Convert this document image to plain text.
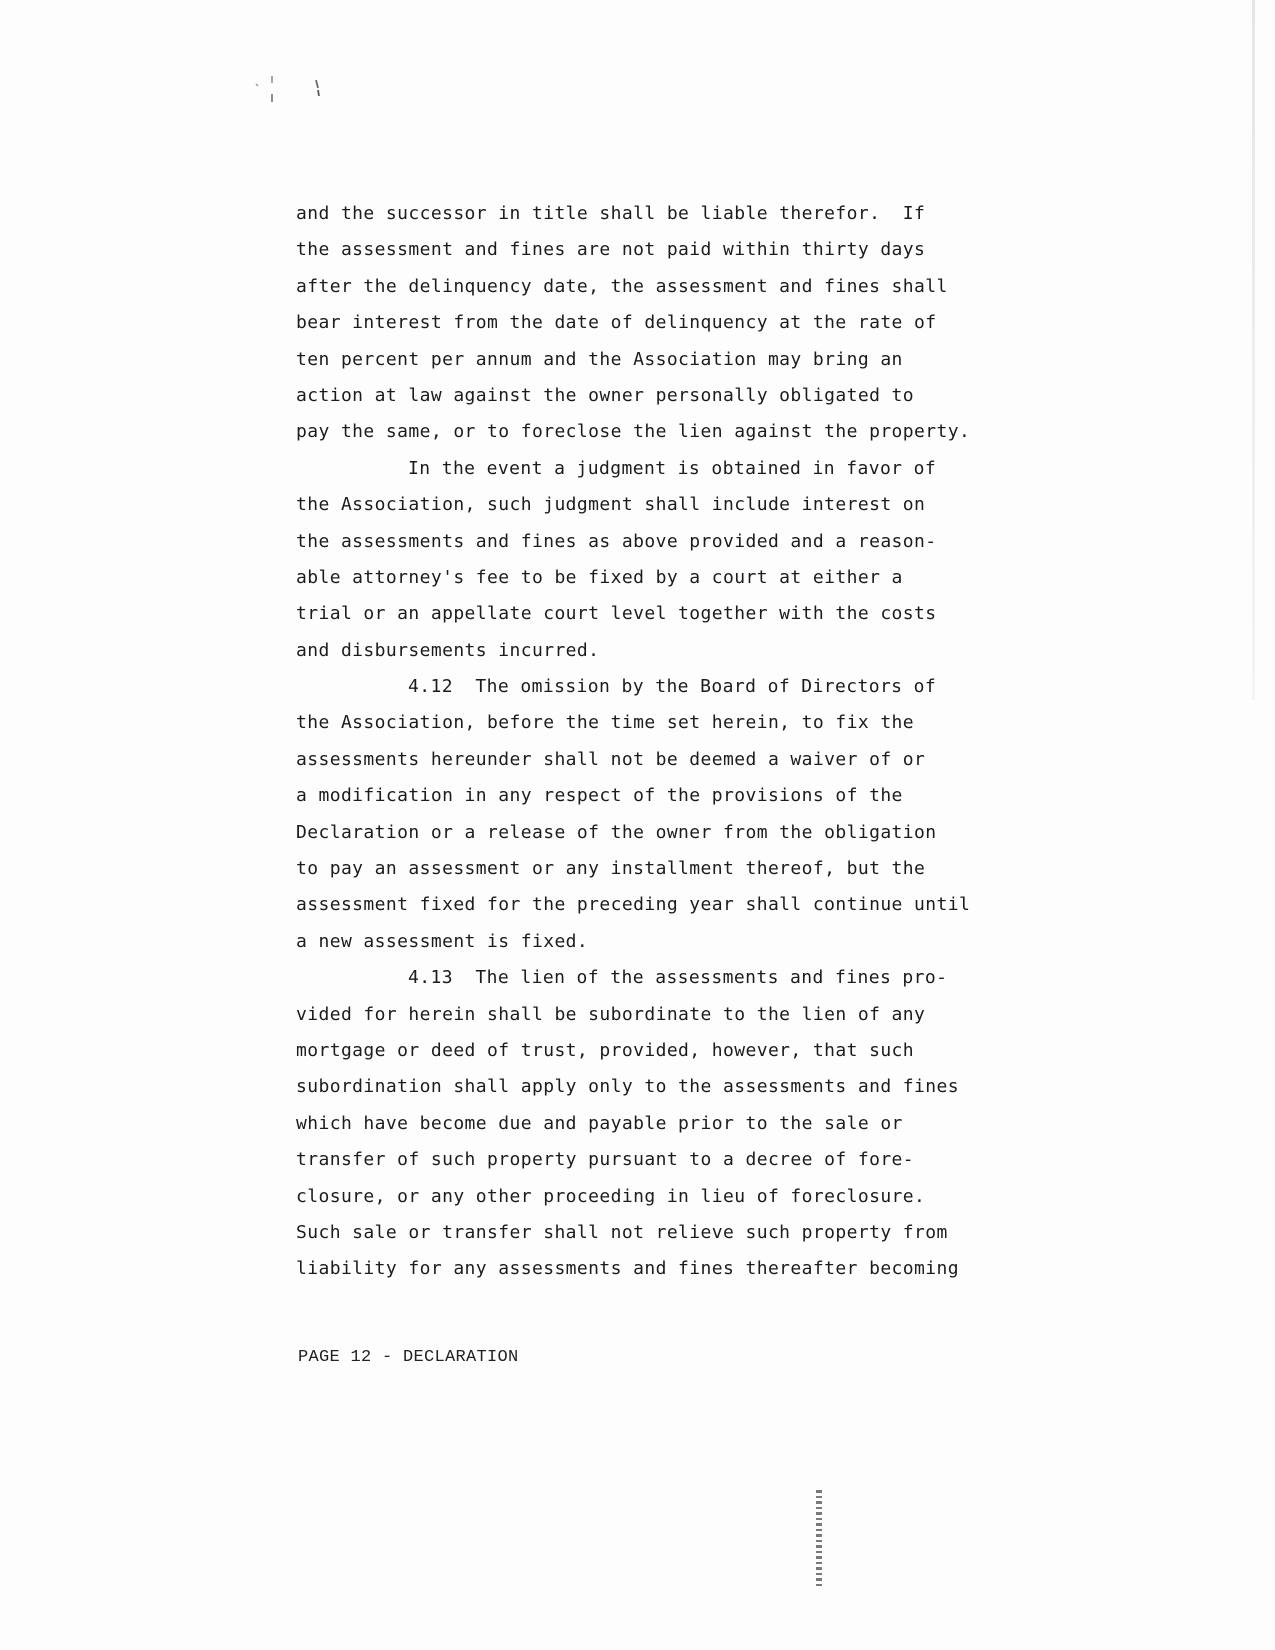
and the successor in title shall be liable therefor.  If
the assessment and fines are not paid within thirty days
after the delinquency date, the assessment and fines shall
bear interest from the date of delinquency at the rate of
ten percent per annum and the Association may bring an
action at law against the owner personally obligated to
pay the same, or to foreclose the lien against the property.
In the event a judgment is obtained in favor of
the Association, such judgment shall include interest on
the assessments and fines as above provided and a reason-
able attorney's fee to be fixed by a court at either a
trial or an appellate court level together with the costs
and disbursements incurred.
4.12  The omission by the Board of Directors of
the Association, before the time set herein, to fix the
assessments hereunder shall not be deemed a waiver of or
a modification in any respect of the provisions of the
Declaration or a release of the owner from the obligation
to pay an assessment or any installment thereof, but the
assessment fixed for the preceding year shall continue until
a new assessment is fixed.
4.13  The lien of the assessments and fines pro-
vided for herein shall be subordinate to the lien of any
mortgage or deed of trust, provided, however, that such
subordination shall apply only to the assessments and fines
which have become due and payable prior to the sale or
transfer of such property pursuant to a decree of fore-
closure, or any other proceeding in lieu of foreclosure.
Such sale or transfer shall not relieve such property from
liability for any assessments and fines thereafter becoming
PAGE 12 - DECLARATION
